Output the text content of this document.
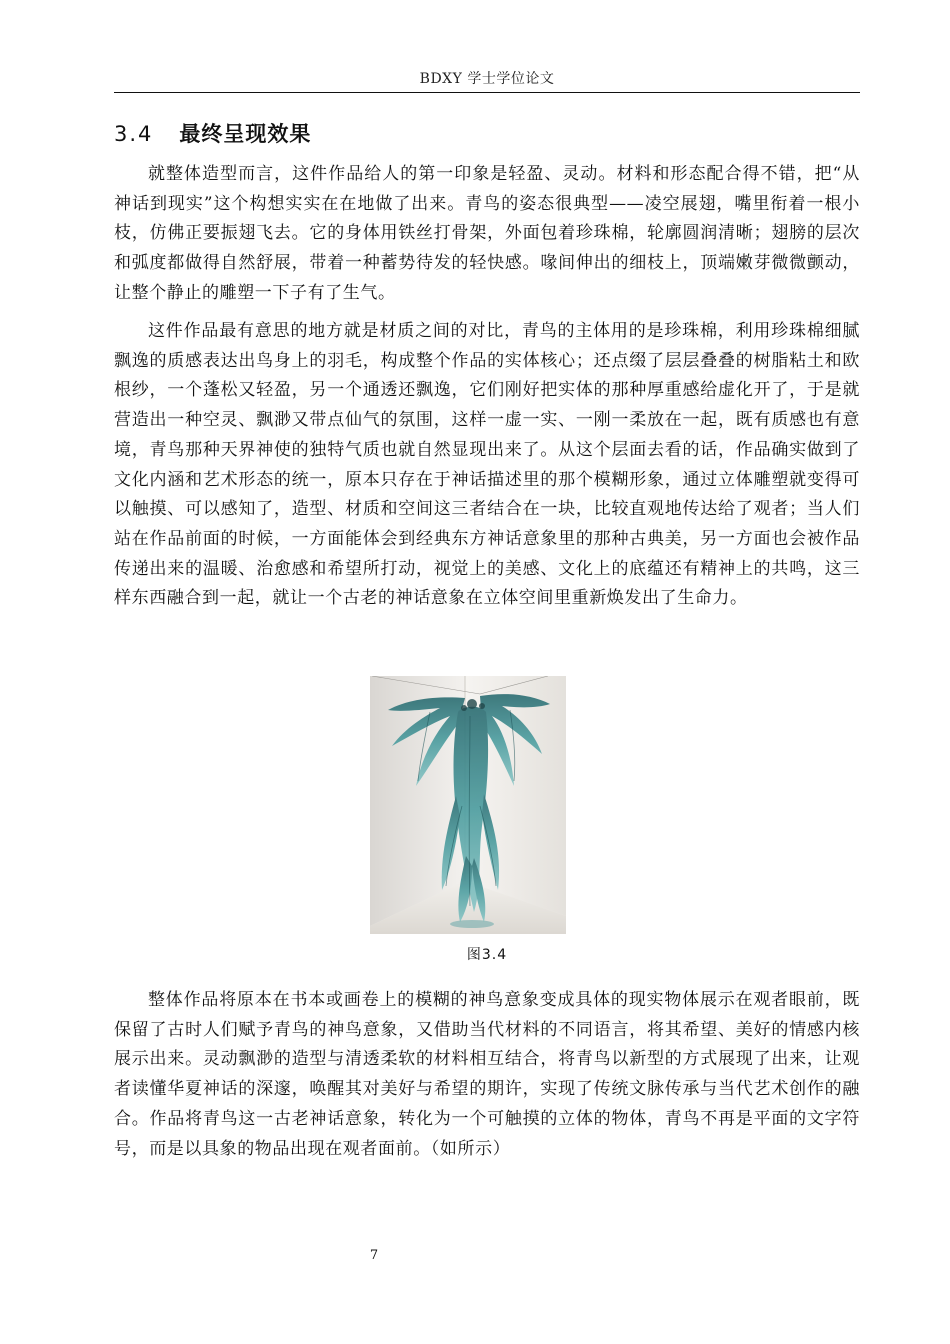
BDXY 学士学位论文
3.4 最终呈现效果

就整体造型而言，这件作品给人的第一印象是轻盈、灵动。材料和形态配合得不错，把“从神话到现实”这个构想实实在在地做了出来。青鸟的姿态很典型——凌空展翅，嘴里衔着一根小枝，仿佛正要振翅飞去。它的身体用铁丝打骨架，外面包着珍珠棉，轮廓圆润清晰；翅膀的层次和弧度都做得自然舒展，带着一种蓄势待发的轻快感。喙间伸出的细枝上，顶端嫩芽微微颤动，让整个静止的雕塑一下子有了生气。

这件作品最有意思的地方就是材质之间的对比，青鸟的主体用的是珍珠棉，利用珍珠棉细腻飘逸的质感表达出鸟身上的羽毛，构成整个作品的实体核心；还点缀了层层叠叠的树脂粘土和欧根纱，一个蓬松又轻盈，另一个通透还飘逸，它们刚好把实体的那种厚重感给虚化开了，于是就营造出一种空灵、飘渺又带点仙气的氛围，这样一虚一实、一刚一柔放在一起，既有质感也有意境，青鸟那种天界神使的独特气质也就自然显现出来了。从这个层面去看的话，作品确实做到了文化内涵和艺术形态的统一，原本只存在于神话描述里的那个模糊形象，通过立体雕塑就变得可以触摸、可以感知了，造型、材质和空间这三者结合在一块，比较直观地传达给了观者；当人们站在作品前面的时候，一方面能体会到经典东方神话意象里的那种古典美，另一方面也会被作品传递出来的温暖、治愈感和希望所打动，视觉上的美感、文化上的底蕴还有精神上的共鸣，这三样东西融合到一起，就让一个古老的神话意象在立体空间里重新焕发出了生命力。

图3.4

整体作品将原本在书本或画卷上的模糊的神鸟意象变成具体的现实物体展示在观者眼前，既保留了古时人们赋予青鸟的神鸟意象，又借助当代材料的不同语言，将其希望、美好的情感内核展示出来。灵动飘渺的造型与清透柔软的材料相互结合，将青鸟以新型的方式展现了出来，让观者读懂华夏神话的深邃，唤醒其对美好与希望的期许，实现了传统文脉传承与当代艺术创作的融合。作品将青鸟这一古老神话意象，转化为一个可触摸的立体的物体，青鸟不再是平面的文字符号，而是以具象的物品出现在观者面前。（如所示）

7
